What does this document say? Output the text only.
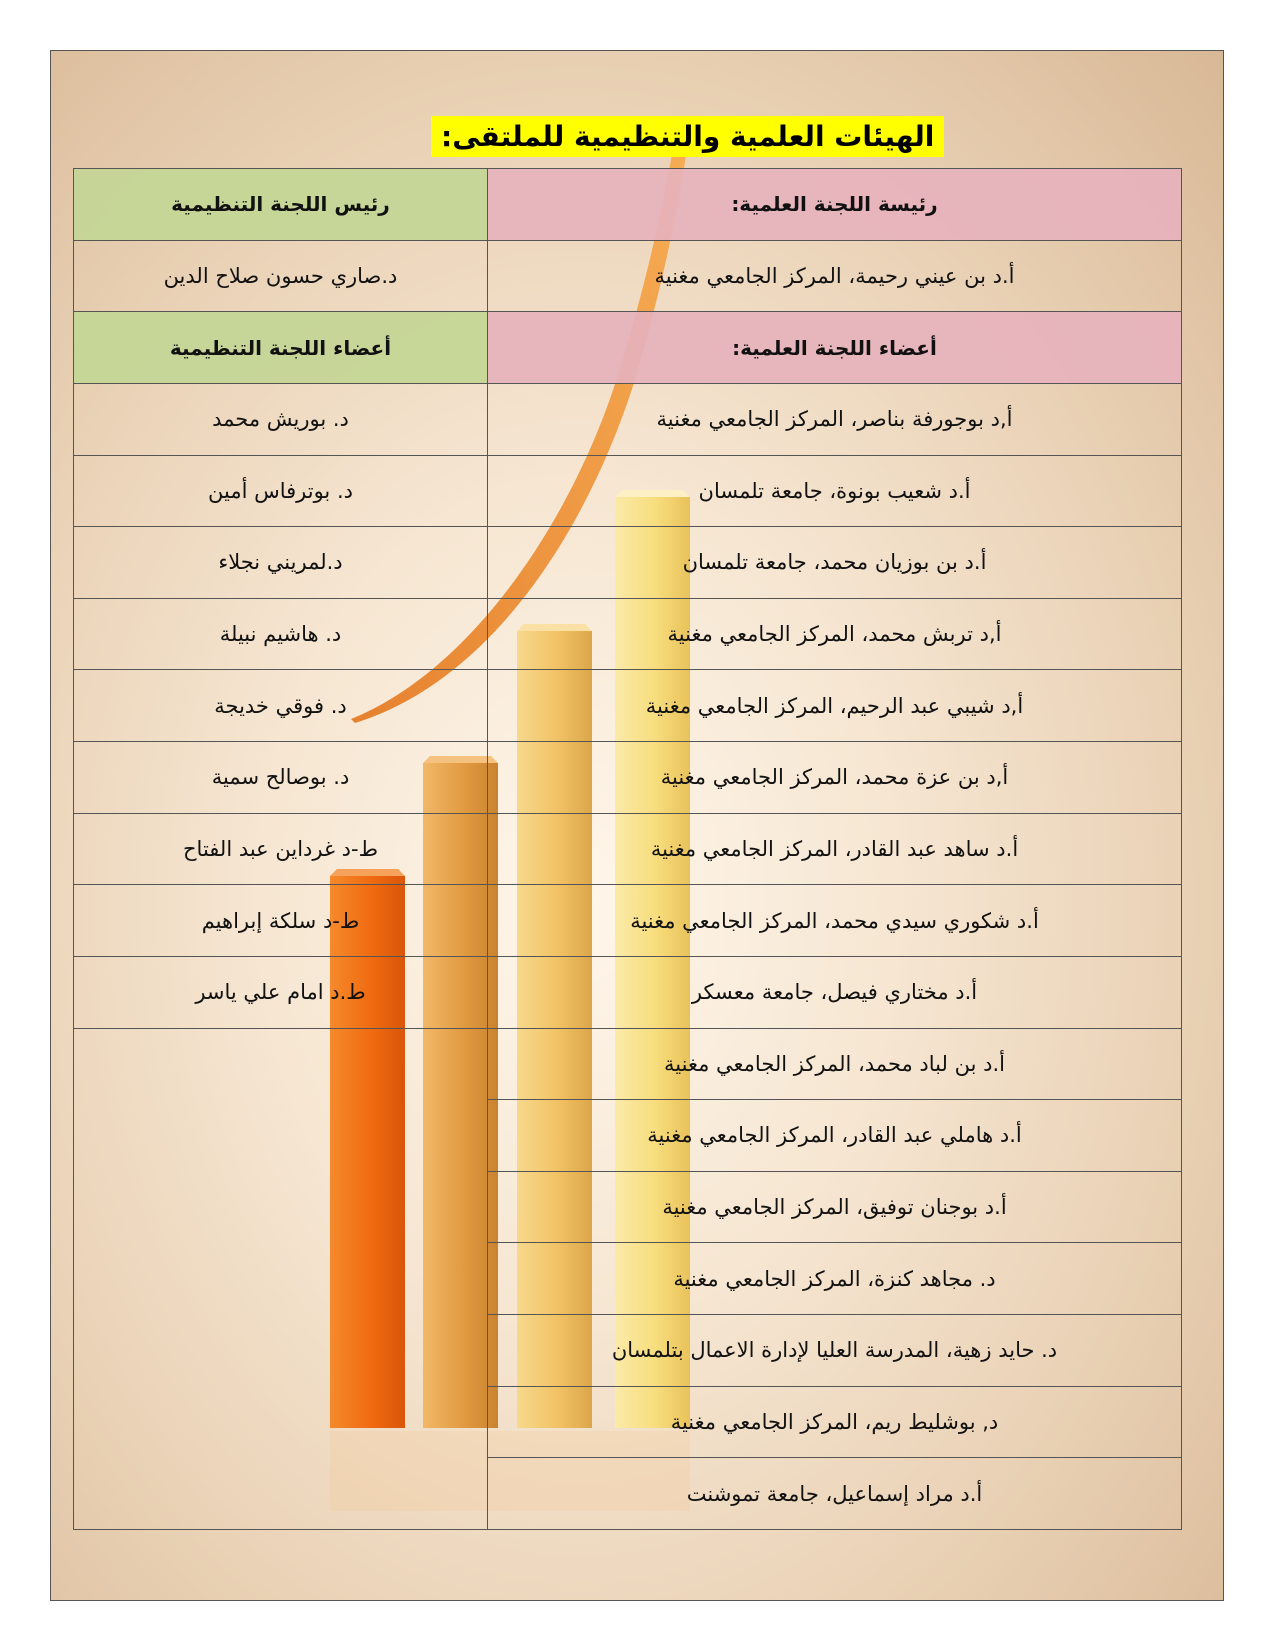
الهيئات العلمية والتنظيمية للملتقى:
رئيسة اللجنة العلمية:	رئيس اللجنة التنظيمية
أ.د بن عيني رحيمة، المركز الجامعي مغنية	د.صاري حسون صلاح الدين
أعضاء اللجنة العلمية:	أعضاء اللجنة التنظيمية
أ,د بوجورفة بناصر، المركز الجامعي مغنية	د. بوريش محمد
أ.د شعيب بونوة، جامعة تلمسان	د. بوترفاس أمين
أ.د بن بوزيان محمد، جامعة تلمسان	د.لمريني نجلاء
أ,د تربش محمد، المركز الجامعي مغنية	د. هاشيم نبيلة
أ,د شيبي عبد الرحيم، المركز الجامعي مغنية	د. فوقي خديجة
أ,د بن عزة محمد، المركز الجامعي مغنية	د. بوصالح سمية
أ.د ساهد عبد القادر، المركز الجامعي مغنية	ط-د غرداين عبد الفتاح
أ.د شكوري سيدي محمد، المركز الجامعي مغنية	ط-د سلكة إبراهيم
أ.د مختاري فيصل، جامعة معسكر	ط.د امام علي ياسر
أ.د بن لباد محمد، المركز الجامعي مغنية	
أ.د هاملي عبد القادر، المركز الجامعي مغنية	
أ.د بوجنان توفيق، المركز الجامعي مغنية	
د. مجاهد كنزة، المركز الجامعي مغنية	
د. حايد زهية، المدرسة العليا لإدارة الاعمال بتلمسان	
د, بوشليط ريم، المركز الجامعي مغنية	
أ.د مراد إسماعيل، جامعة تموشنت	
